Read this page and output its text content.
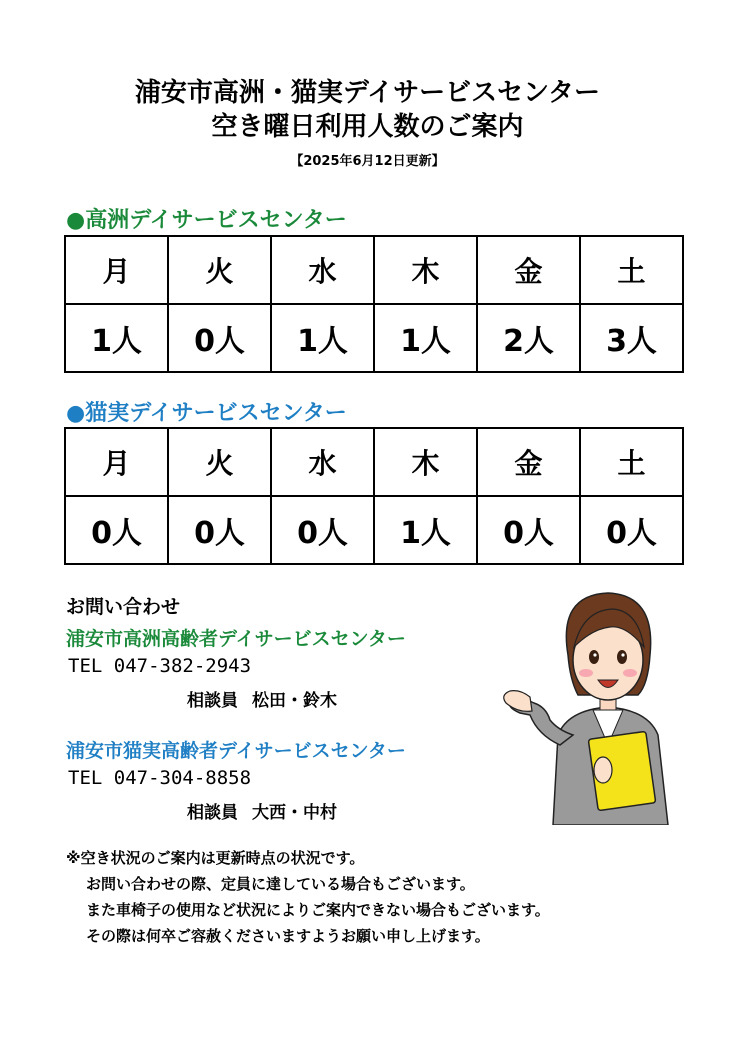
浦安市高洲・猫実デイサービスセンター
空き曜日利用人数のご案内
【2025年6月12日更新】
●高洲デイサービスセンター
月	火	水	木	金	土
1人	0人	1人	1人	2人	3人
●猫実デイサービスセンター
月	火	水	木	金	土
0人	0人	0人	1人	0人	0人
お問い合わせ
浦安市高洲高齢者デイサービスセンター
TEL 047-382-2943
相談員 松田・鈴木
浦安市猫実高齢者デイサービスセンター
TEL 047-304-8858
相談員 大西・中村
※空き状況のご案内は更新時点の状況です。
お問い合わせの際、定員に達している場合もございます。
また車椅子の使用など状況によりご案内できない場合もございます。
その際は何卒ご容赦くださいますようお願い申し上げます。
